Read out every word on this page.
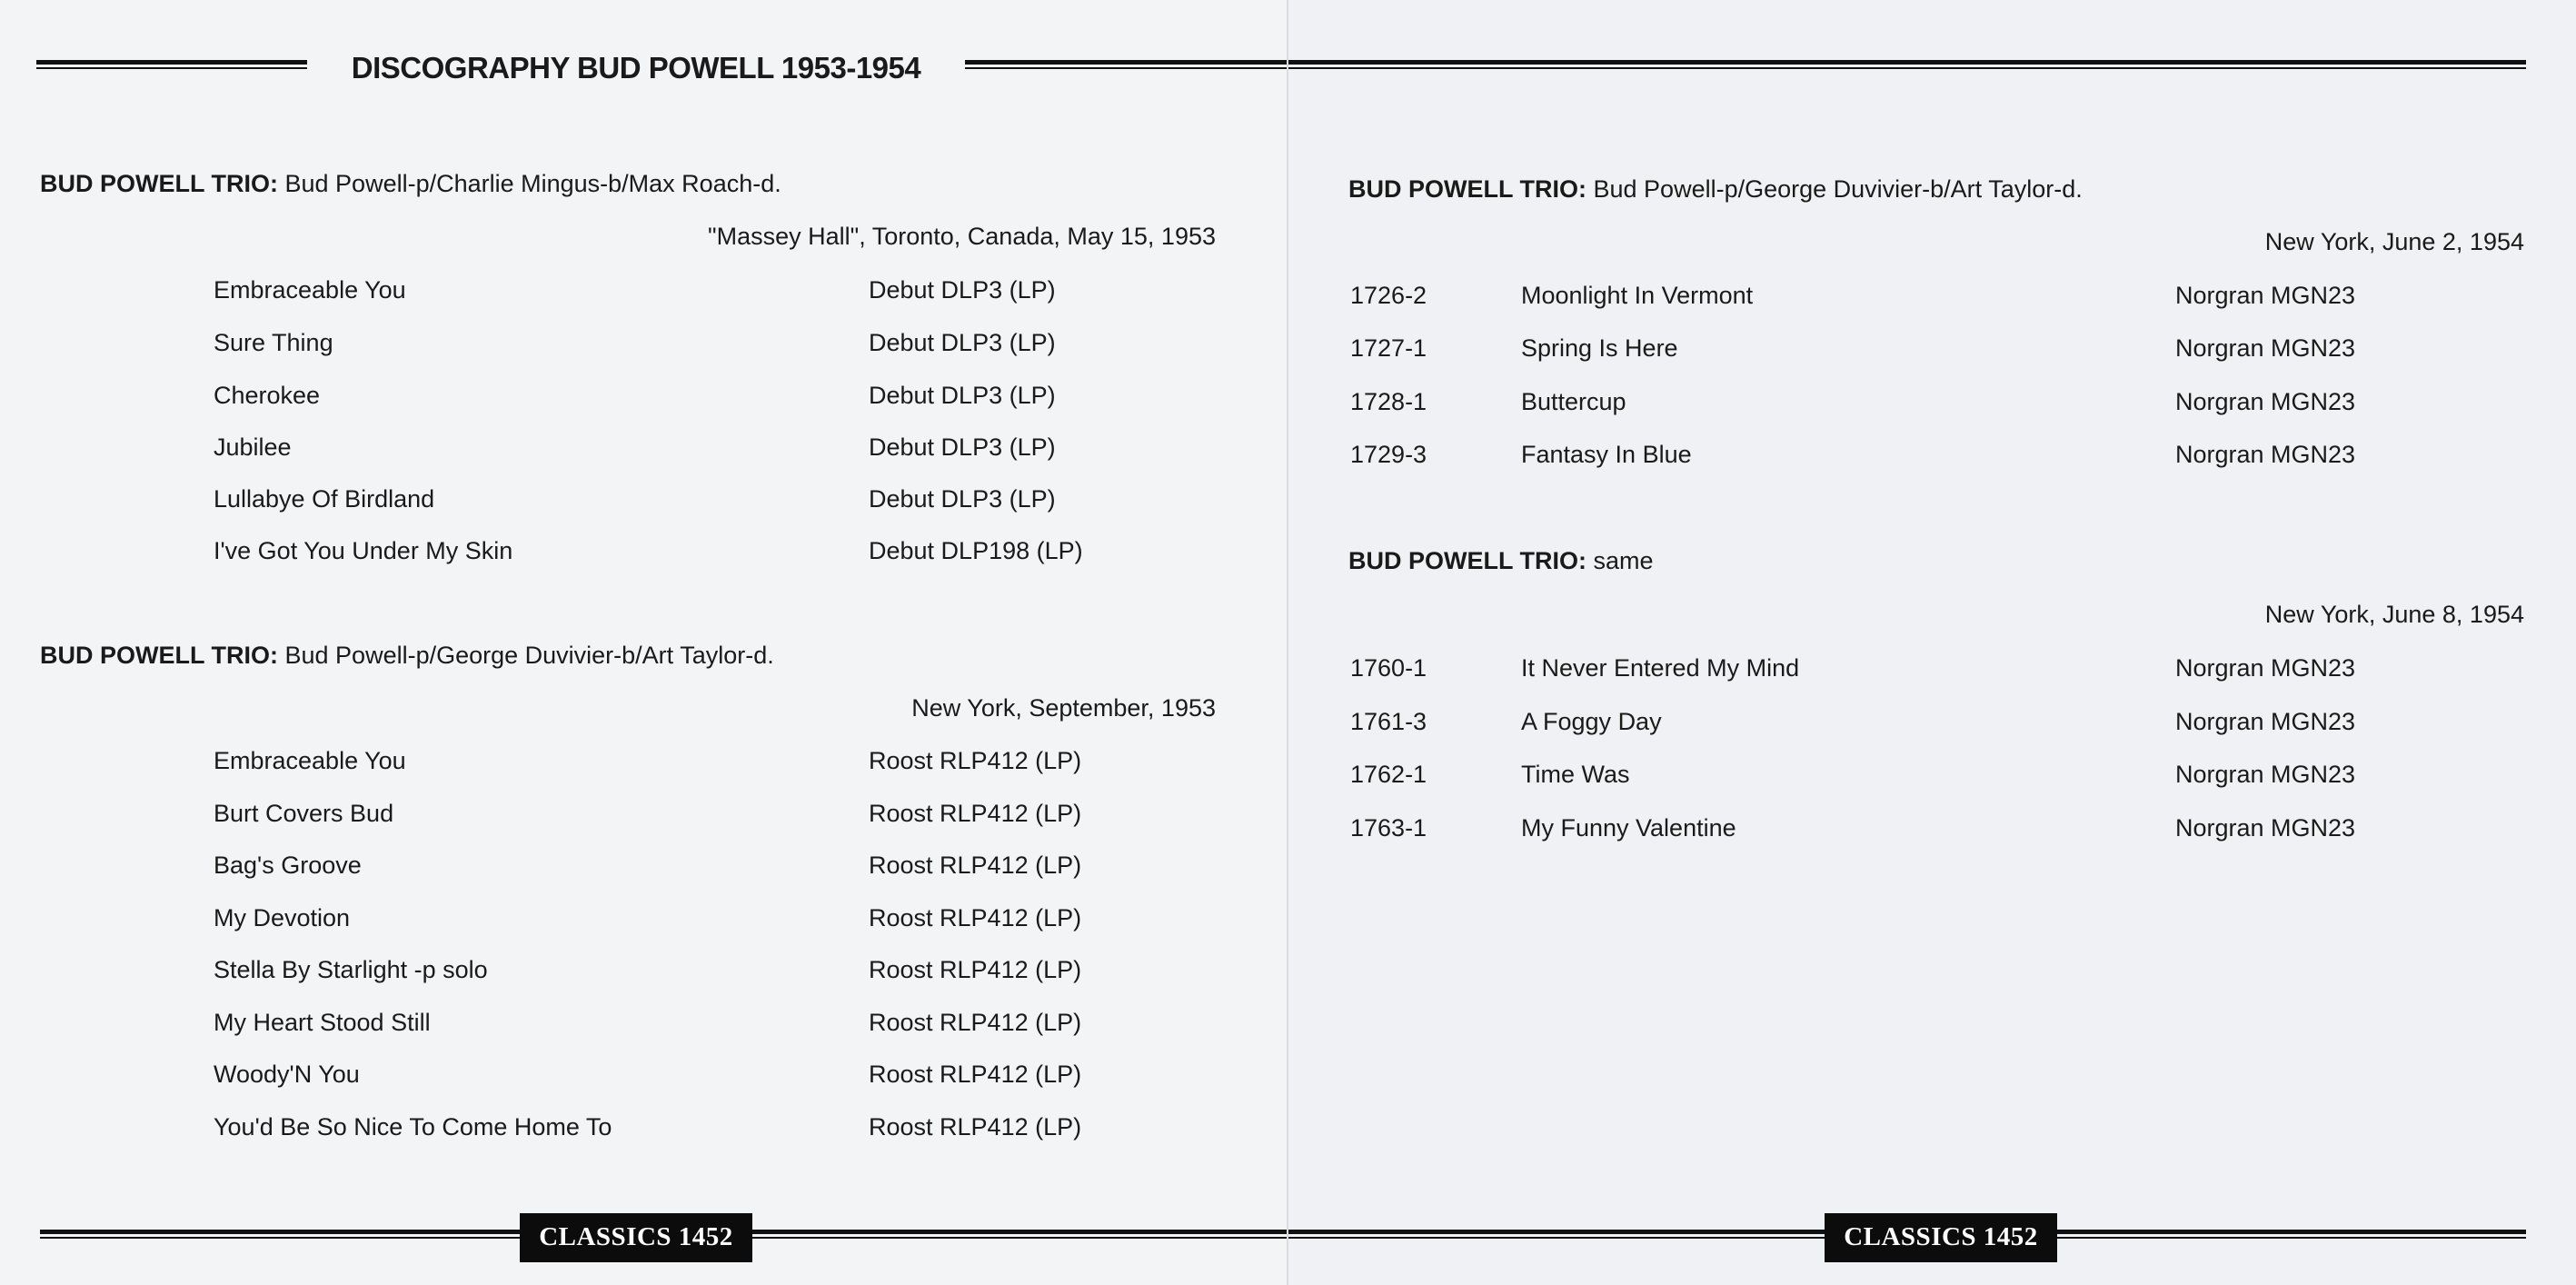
DISCOGRAPHY BUD POWELL 1953-1954
BUD POWELL TRIO: Bud Powell-p/Charlie Mingus-b/Max Roach-d.
"Massey Hall", Toronto, Canada, May 15, 1953
Embraceable You	Debut DLP3 (LP)
Sure Thing	Debut DLP3 (LP)
Cherokee	Debut DLP3 (LP)
Jubilee	Debut DLP3 (LP)
Lullabye Of Birdland	Debut DLP3 (LP)
I've Got You Under My Skin	Debut DLP198 (LP)
BUD POWELL TRIO: Bud Powell-p/George Duvivier-b/Art Taylor-d.
New York, September, 1953
Embraceable You	Roost RLP412 (LP)
Burt Covers Bud	Roost RLP412 (LP)
Bag's Groove	Roost RLP412 (LP)
My Devotion	Roost RLP412 (LP)
Stella By Starlight -p solo	Roost RLP412 (LP)
My Heart Stood Still	Roost RLP412 (LP)
Woody'N You	Roost RLP412 (LP)
You'd Be So Nice To Come Home To	Roost RLP412 (LP)
CLASSICS 1452
BUD POWELL TRIO: Bud Powell-p/George Duvivier-b/Art Taylor-d.
New York, June 2, 1954
1726-2	Moonlight In Vermont	Norgran MGN23
1727-1	Spring Is Here	Norgran MGN23
1728-1	Buttercup	Norgran MGN23
1729-3	Fantasy In Blue	Norgran MGN23
BUD POWELL TRIO: same
New York, June 8, 1954
1760-1	It Never Entered My Mind	Norgran MGN23
1761-3	A Foggy Day	Norgran MGN23
1762-1	Time Was	Norgran MGN23
1763-1	My Funny Valentine	Norgran MGN23
CLASSICS 1452
